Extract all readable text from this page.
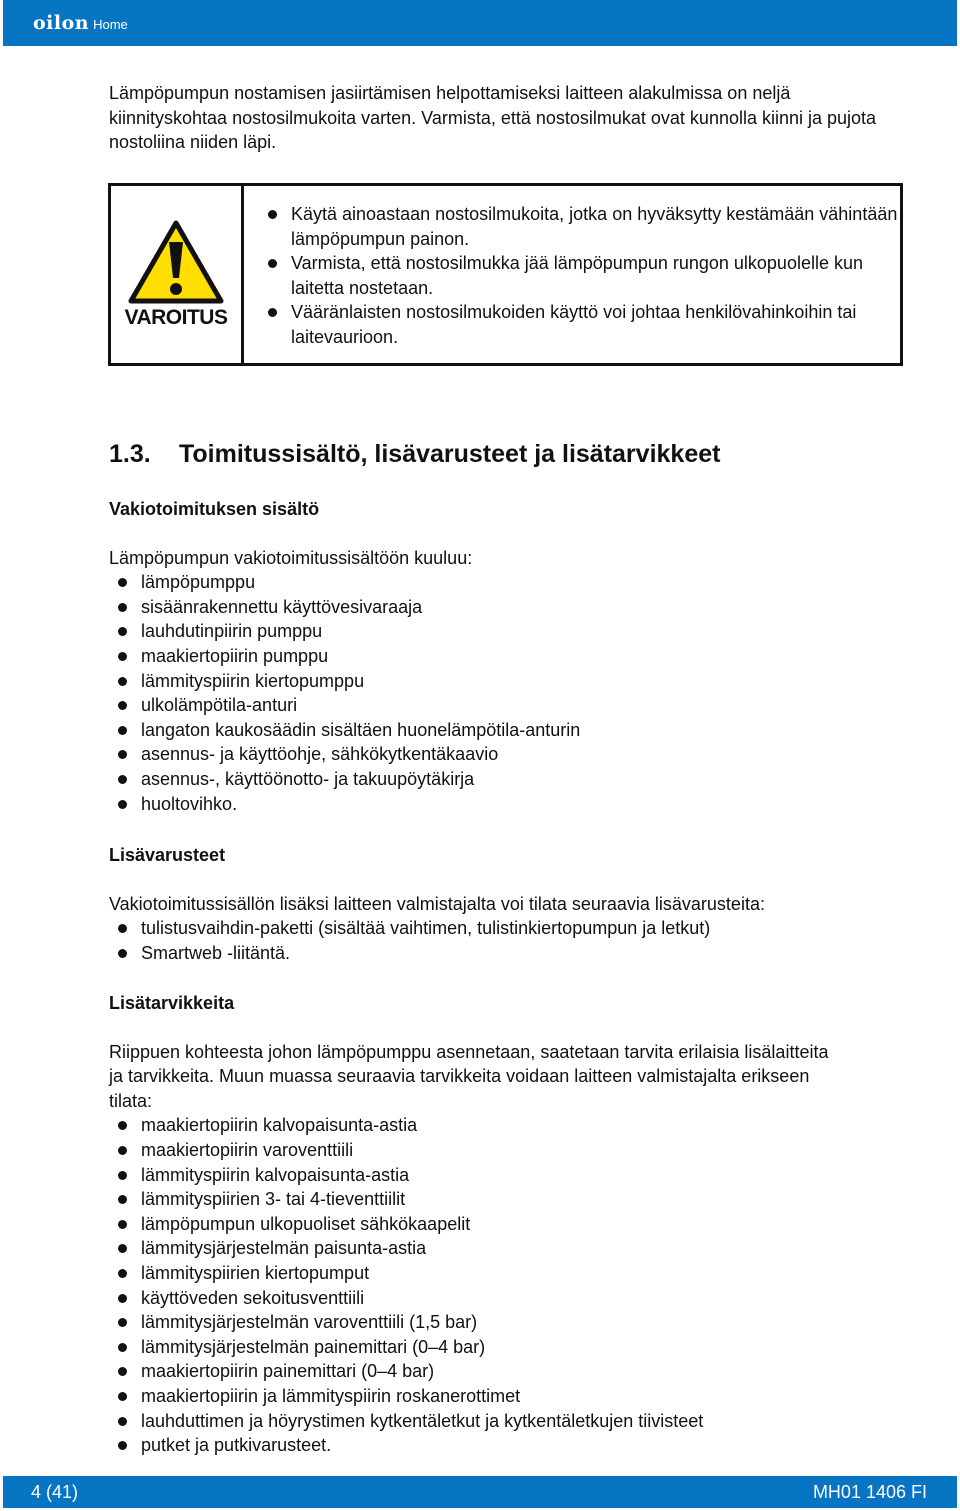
oilon Home

Lämpöpumpun nostamisen jasiirtämisen helpottamiseksi laitteen alakulmissa on neljä kiinnityskohtaa nostosilmukoita varten. Varmista, että nostosilmukat ovat kunnolla kiinni ja pujota nostoliina niiden läpi.

VAROITUS
Käytä ainoastaan nostosilmukoita, jotka on hyväksytty kestämään vähintään lämpöpumpun painon.
Varmista, että nostosilmukka jää lämpöpumpun rungon ulkopuolelle kun laitetta nostetaan.
Vääränlaisten nostosilmukoiden käyttö voi johtaa henkilövahinkoihin tai laitevaurioon.
1.3.	Toimitussisältö, lisävarusteet ja lisätarvikkeet
Vakiotoimituksen sisältö
Lämpöpumpun vakiotoimitussisältöön kuuluu:
lämpöpumppu
sisäänrakennettu käyttövesivaraaja
lauhdutinpiirin pumppu
maakiertopiirin pumppu
lämmityspiirin kiertopumppu
ulkolämpötila-anturi
langaton kaukosäädin sisältäen huonelämpötila-anturin
asennus- ja käyttöohje, sähkökytkentäkaavio
asennus-, käyttöönotto- ja takuupöytäkirja
huoltovihko.
Lisävarusteet
Vakiotoimitussisällön lisäksi laitteen valmistajalta voi tilata seuraavia lisävarusteita:
tulistusvaihdin-paketti (sisältää vaihtimen, tulistinkiertopumpun ja letkut)
Smartweb -liitäntä.
Lisätarvikkeita
Riippuen kohteesta johon lämpöpumppu asennetaan, saatetaan tarvita erilaisia lisälaitteita ja tarvikkeita. Muun muassa seuraavia tarvikkeita voidaan laitteen valmistajalta erikseen tilata:
maakiertopiirin kalvopaisunta-astia
maakiertopiirin varoventtiili
lämmityspiirin kalvopaisunta-astia
lämmityspiirien 3- tai 4-tieventtiilit
lämpöpumpun ulkopuoliset sähkökaapelit
lämmitysjärjestelmän paisunta-astia
lämmityspiirien kiertopumput
käyttöveden sekoitusventtiili
lämmitysjärjestelmän varoventtiili (1,5 bar)
lämmitysjärjestelmän painemittari (0–4 bar)
maakiertopiirin painemittari (0–4 bar)
maakiertopiirin ja lämmityspiirin roskanerottimet
lauhduttimen ja höyrystimen kytkentäletkut ja kytkentäletkujen tiivisteet
putket ja putkivarusteet.
4 (41)	MH01 1406 FI
